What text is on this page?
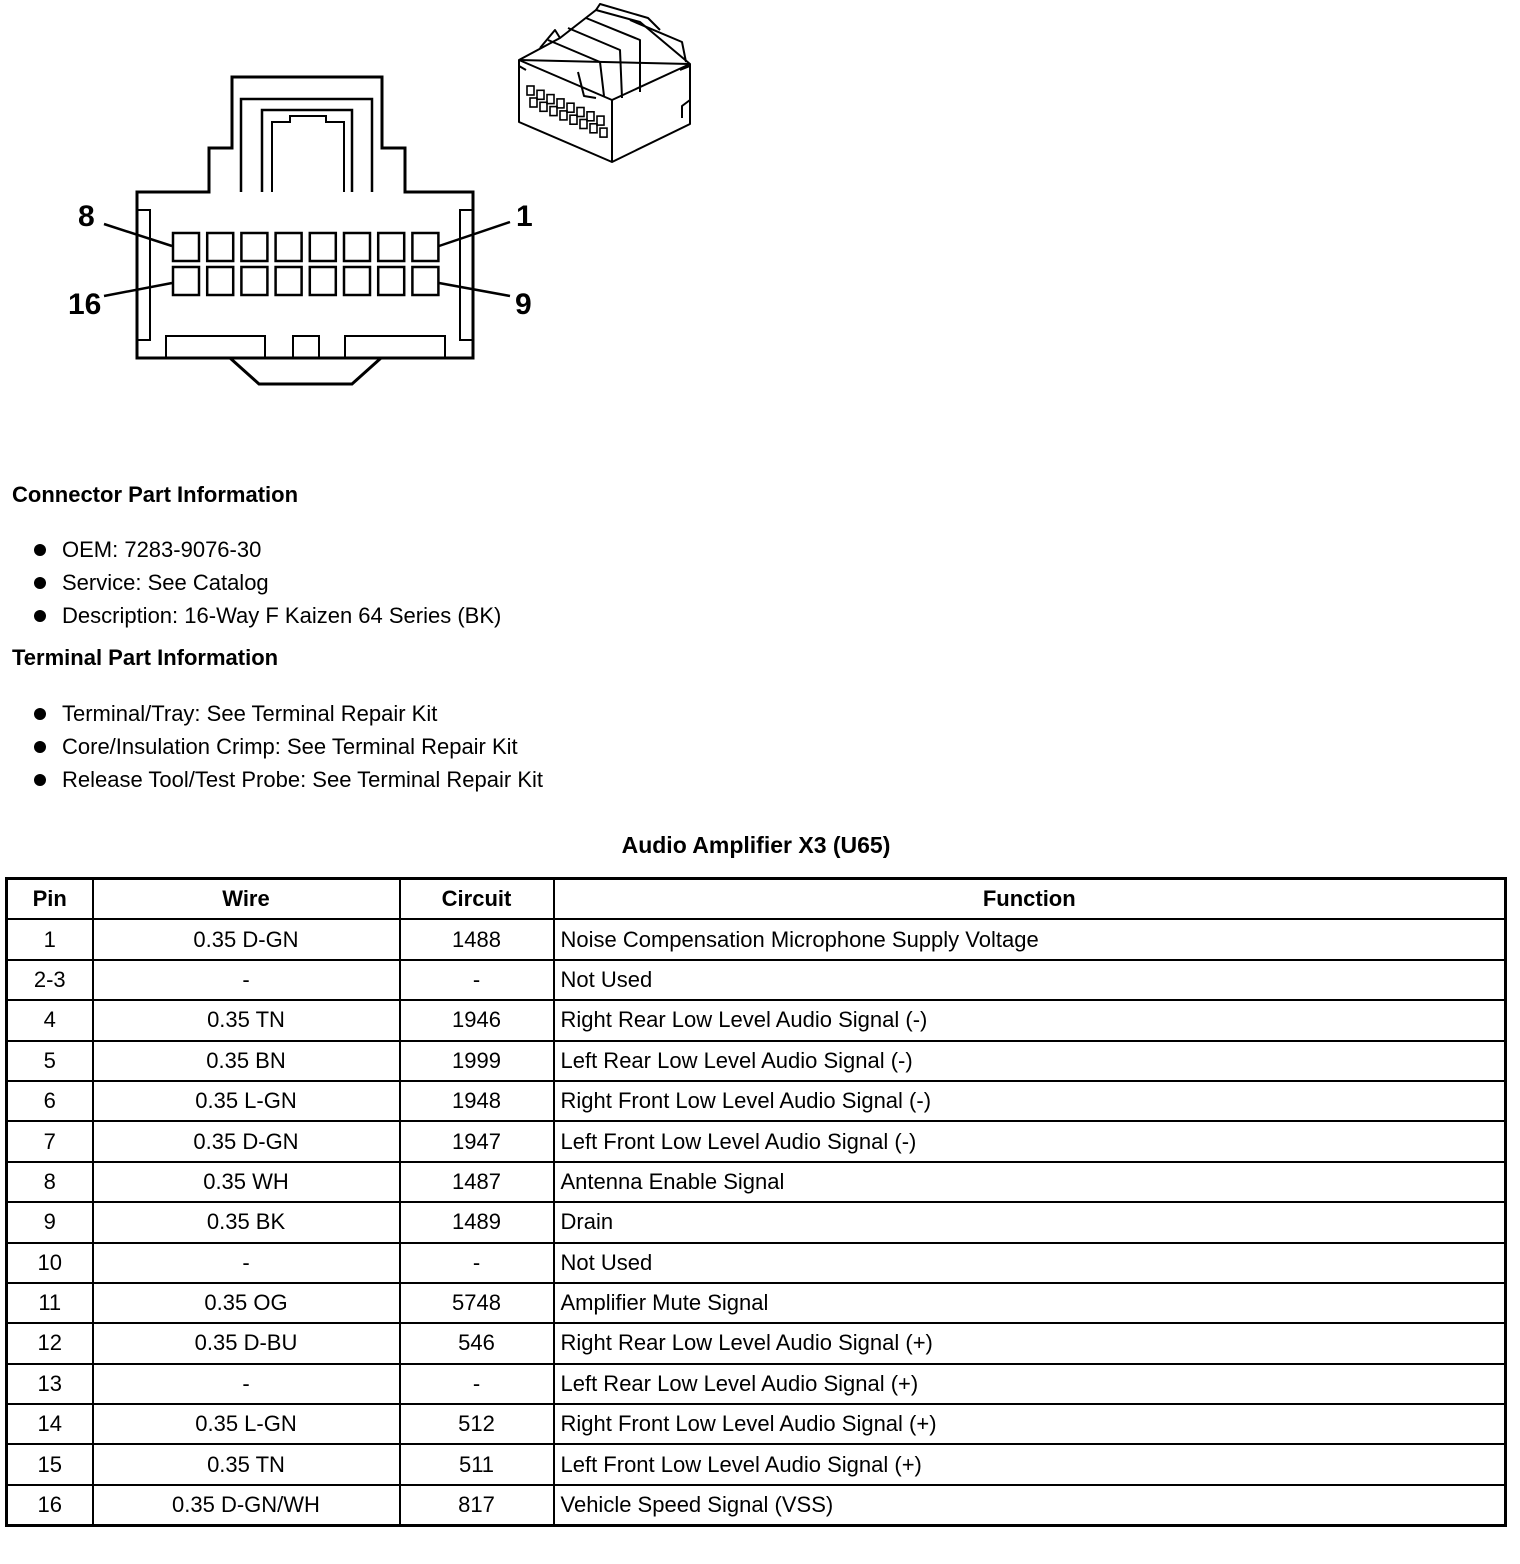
8
16
1
9
Connector Part Information
OEM: 7283-9076-30
Service: See Catalog
Description: 16-Way F Kaizen 64 Series (BK)
Terminal Part Information
Terminal/Tray: See Terminal Repair Kit
Core/Insulation Crimp: See Terminal Repair Kit
Release Tool/Test Probe: See Terminal Repair Kit
Audio Amplifier X3 (U65)
Pin	Wire	Circuit	Function
1	0.35 D-GN	1488	Noise Compensation Microphone Supply Voltage
2-3	-	-	Not Used
4	0.35 TN	1946	Right Rear Low Level Audio Signal (-)
5	0.35 BN	1999	Left Rear Low Level Audio Signal (-)
6	0.35 L-GN	1948	Right Front Low Level Audio Signal (-)
7	0.35 D-GN	1947	Left Front Low Level Audio Signal (-)
8	0.35 WH	1487	Antenna Enable Signal
9	0.35 BK	1489	Drain
10	-	-	Not Used
11	0.35 OG	5748	Amplifier Mute Signal
12	0.35 D-BU	546	Right Rear Low Level Audio Signal (+)
13	-	-	Left Rear Low Level Audio Signal (+)
14	0.35 L-GN	512	Right Front Low Level Audio Signal (+)
15	0.35 TN	511	Left Front Low Level Audio Signal (+)
16	0.35 D-GN/WH	817	Vehicle Speed Signal (VSS)
